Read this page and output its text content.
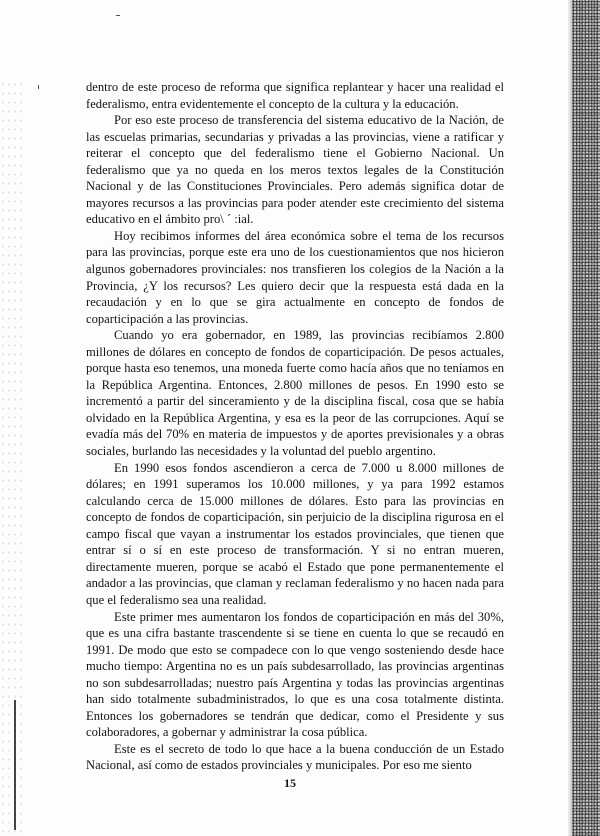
dentro de este proceso de reforma que significa replantear y hacer una realidad el federalismo, entra evidentemente el concepto de la cultura y la educación.

Por eso este proceso de transferencia del sistema educativo de la Nación, de las escuelas primarias, secundarias y privadas a las provincias, viene a ratificar y reiterar el concepto que del federalismo tiene el Gobierno Nacional. Un federalismo que ya no queda en los meros textos legales de la Constitución Nacional y de las Constituciones Provinciales. Pero además significa dotar de mayores recursos a las provincias para poder atender este crecimiento del sistema educativo en el ámbito pro\ ´ :ial.

Hoy recibimos informes del área económica sobre el tema de los recursos para las provincias, porque este era uno de los cuestionamientos que nos hicieron algunos gobernadores provinciales: nos transfieren los colegios de la Nación a la Provincia, ¿Y los recursos? Les quiero decir que la respuesta está dada en la recaudación y en lo que se gira actualmente en concepto de fondos de coparticipación a las provincias.

Cuando yo era gobernador, en 1989, las provincias recibíamos 2.800 millones de dólares en concepto de fondos de coparticipación. De pesos actuales, porque hasta eso tenemos, una moneda fuerte como hacía años que no teníamos en la República Argentina. Entonces, 2.800 millones de pesos. En 1990 esto se incrementó a partir del sinceramiento y de la disciplina fiscal, cosa que se había olvidado en la República Argentina, y esa es la peor de las corrupciones. Aquí se evadía más del 70% en materia de impuestos y de aportes previsionales y a obras sociales, burlando las necesidades y la voluntad del pueblo argentino.

En 1990 esos fondos ascendieron a cerca de 7.000 u 8.000 millones de dólares; en 1991 superamos los 10.000 millones, y ya para 1992 estamos calculando cerca de 15.000 millones de dólares. Esto para las provincias en concepto de fondos de coparticipación, sin perjuicio de la disciplina rigurosa en el campo fiscal que vayan a instrumentar los estados provinciales, que tienen que entrar sí o sí en este proceso de transformación. Y si no entran mueren, directamente mueren, porque se acabó el Estado que pone permanentemente el andador a las provincias, que claman y reclaman federalismo y no hacen nada para que el federalismo sea una realidad.

Este primer mes aumentaron los fondos de coparticipación en más del 30%, que es una cifra bastante trascendente si se tiene en cuenta lo que se recaudó en 1991. De modo que esto se compadece con lo que vengo sosteniendo desde hace mucho tiempo: Argentina no es un país subdesarrollado, las provincias argentinas no son subdesarrolladas; nuestro país Argentina y todas las provincias argentinas han sido totalmente subadministrados, lo que es una cosa totalmente distinta. Entonces los gobernadores se tendrán que dedicar, como el Presidente y sus colaboradores, a gobernar y administrar la cosa pública.

Este es el secreto de todo lo que hace a la buena conducción de un Estado Nacional, así como de estados provinciales y municipales. Por eso me siento

15
